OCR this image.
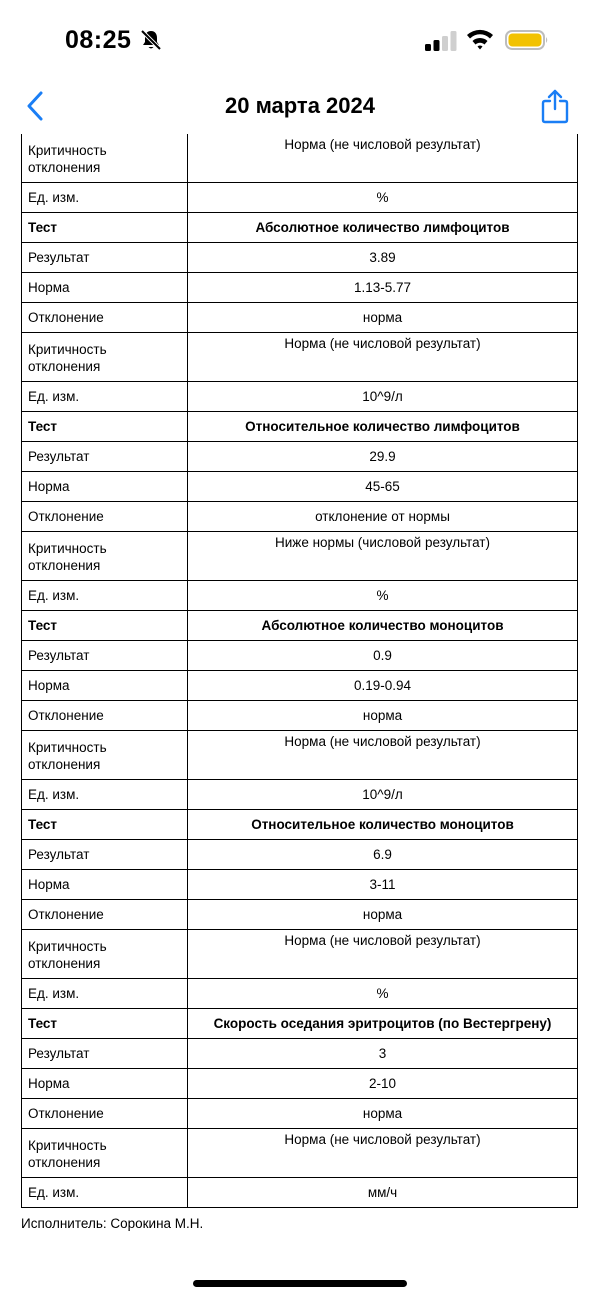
08:25
20 марта 2024
Критичность отклонения	Норма (не числовой результат)
Ед. изм.	%
Тест	Абсолютное количество лимфоцитов
Результат	3.89
Норма	1.13-5.77
Отклонение	норма
Критичность отклонения	Норма (не числовой результат)
Ед. изм.	10^9/л
Тест	Относительное количество лимфоцитов
Результат	29.9
Норма	45-65
Отклонение	отклонение от нормы
Критичность отклонения	Ниже нормы (числовой результат)
Ед. изм.	%
Тест	Абсолютное количество моноцитов
Результат	0.9
Норма	0.19-0.94
Отклонение	норма
Критичность отклонения	Норма (не числовой результат)
Ед. изм.	10^9/л
Тест	Относительное количество моноцитов
Результат	6.9
Норма	3-11
Отклонение	норма
Критичность отклонения	Норма (не числовой результат)
Ед. изм.	%
Тест	Скорость оседания эритроцитов (по Вестергрену)
Результат	3
Норма	2-10
Отклонение	норма
Критичность отклонения	Норма (не числовой результат)
Ед. изм.	мм/ч
Исполнитель: Сорокина М.Н.
